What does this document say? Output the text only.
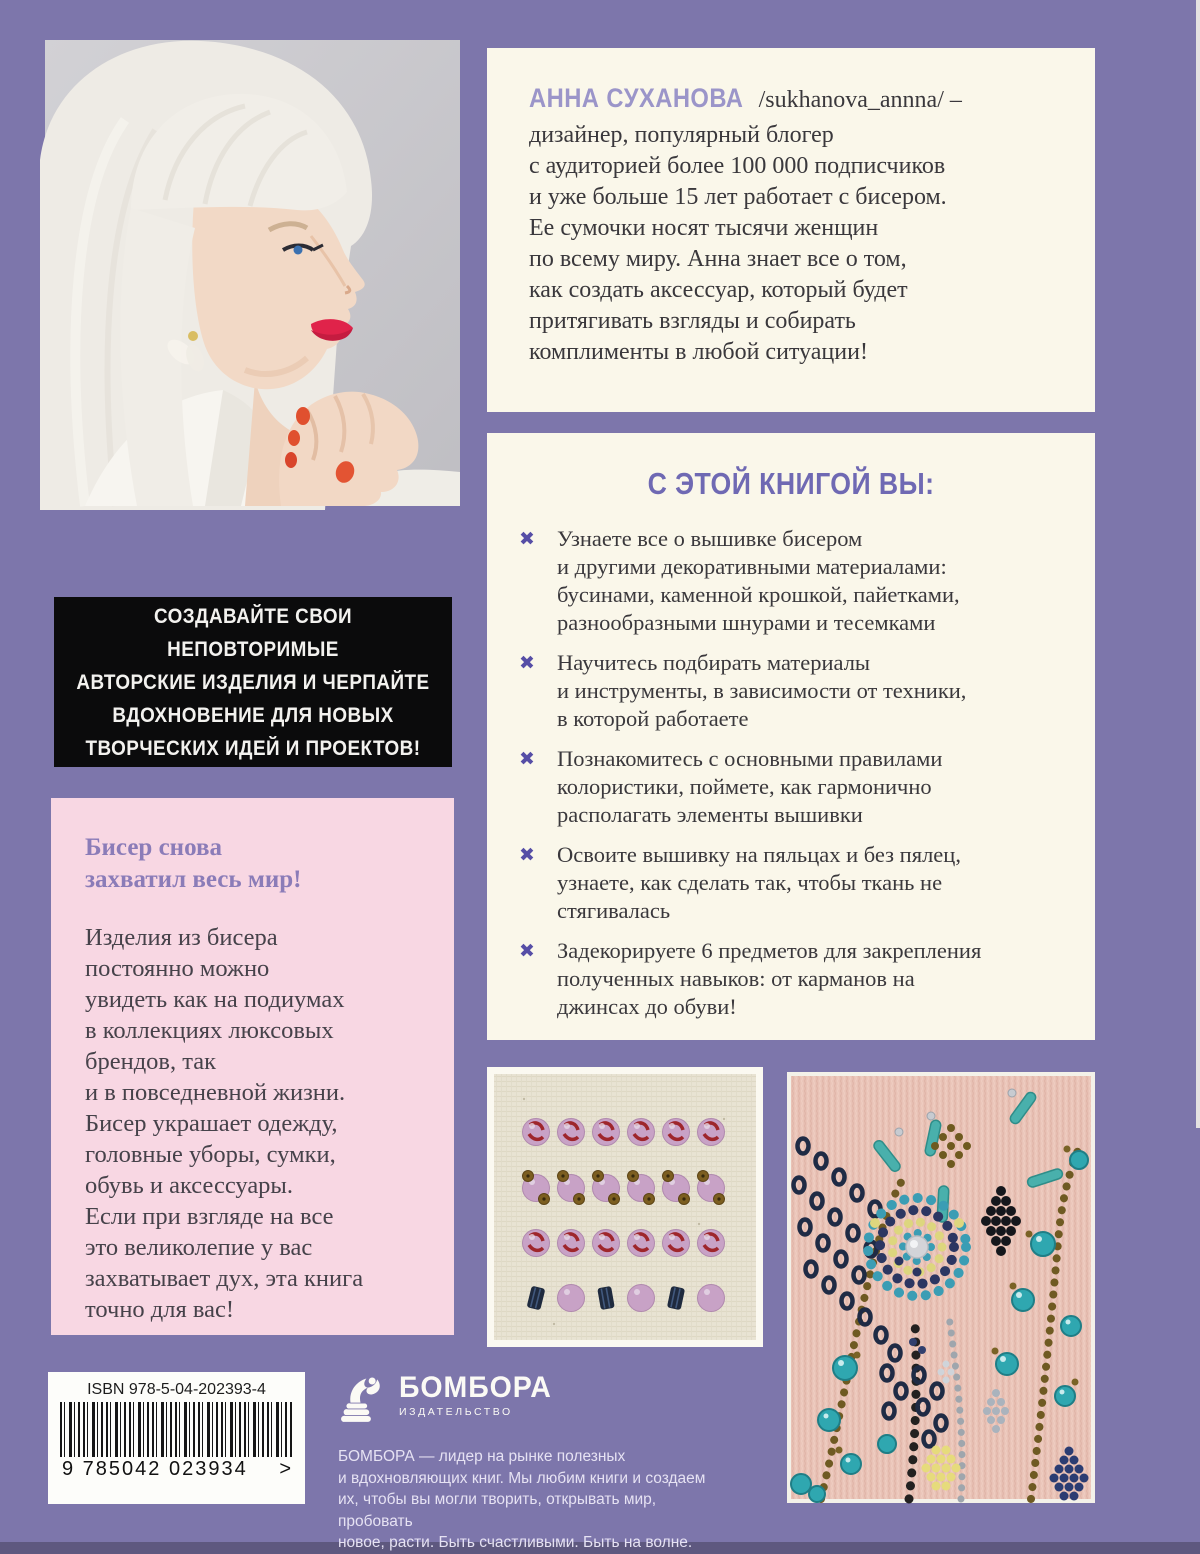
АННА СУХАНОВА /sukhanova_annna/ –
дизайнер, популярный блогер
с аудиторией более 100 000 подписчиков
и уже больше 15 лет работает с бисером.
Ее сумочки носят тысячи женщин
по всему миру. Анна знает все о том,
как создать аксессуар, который будет
притягивать взгляды и собирать
комплименты в любой ситуации!
С ЭТОЙ КНИГОЙ ВЫ:
✖ Узнаете все о вышивке бисером
и другими декоративными материалами:
бусинами, каменной крошкой, пайетками,
разнообразными шнурами и тесемками
✖ Научитесь подбирать материалы
и инструменты, в зависимости от техники,
в которой работаете
✖ Познакомитесь с основными правилами
колористики, поймете, как гармонично
располагать элементы вышивки
✖ Освоите вышивку на пяльцах и без пялец,
узнаете, как сделать так, чтобы ткань не
стягивалась
✖ Задекорируете 6 предметов для закрепления
полученных навыков: от карманов на
джинсах до обуви!
СОЗДАВАЙТЕ СВОИ НЕПОВТОРИМЫЕ
АВТОРСКИЕ ИЗДЕЛИЯ И ЧЕРПАЙТЕ
ВДОХНОВЕНИЕ ДЛЯ НОВЫХ
ТВОРЧЕСКИХ ИДЕЙ И ПРОЕКТОВ!
Бисер снова
захватил весь мир!
Изделия из бисера
постоянно можно
увидеть как на подиумах
в коллекциях люксовых
брендов, так
и в повседневной жизни.
Бисер украшает одежду,
головные уборы, сумки,
обувь и аксессуары.
Если при взгляде на все
это великолепие у вас
захватывает дух, эта книга
точно для вас!
ISBN 978-5-04-202393-4
9 785042 023934 >
БОМБОРА
ИЗДАТЕЛЬСТВО
БОМБОРА — лидер на рынке полезных
и вдохновляющих книг. Мы любим книги и создаем
их, чтобы вы могли творить, открывать мир, пробовать
новое, расти. Быть счастливыми. Быть на волне.
